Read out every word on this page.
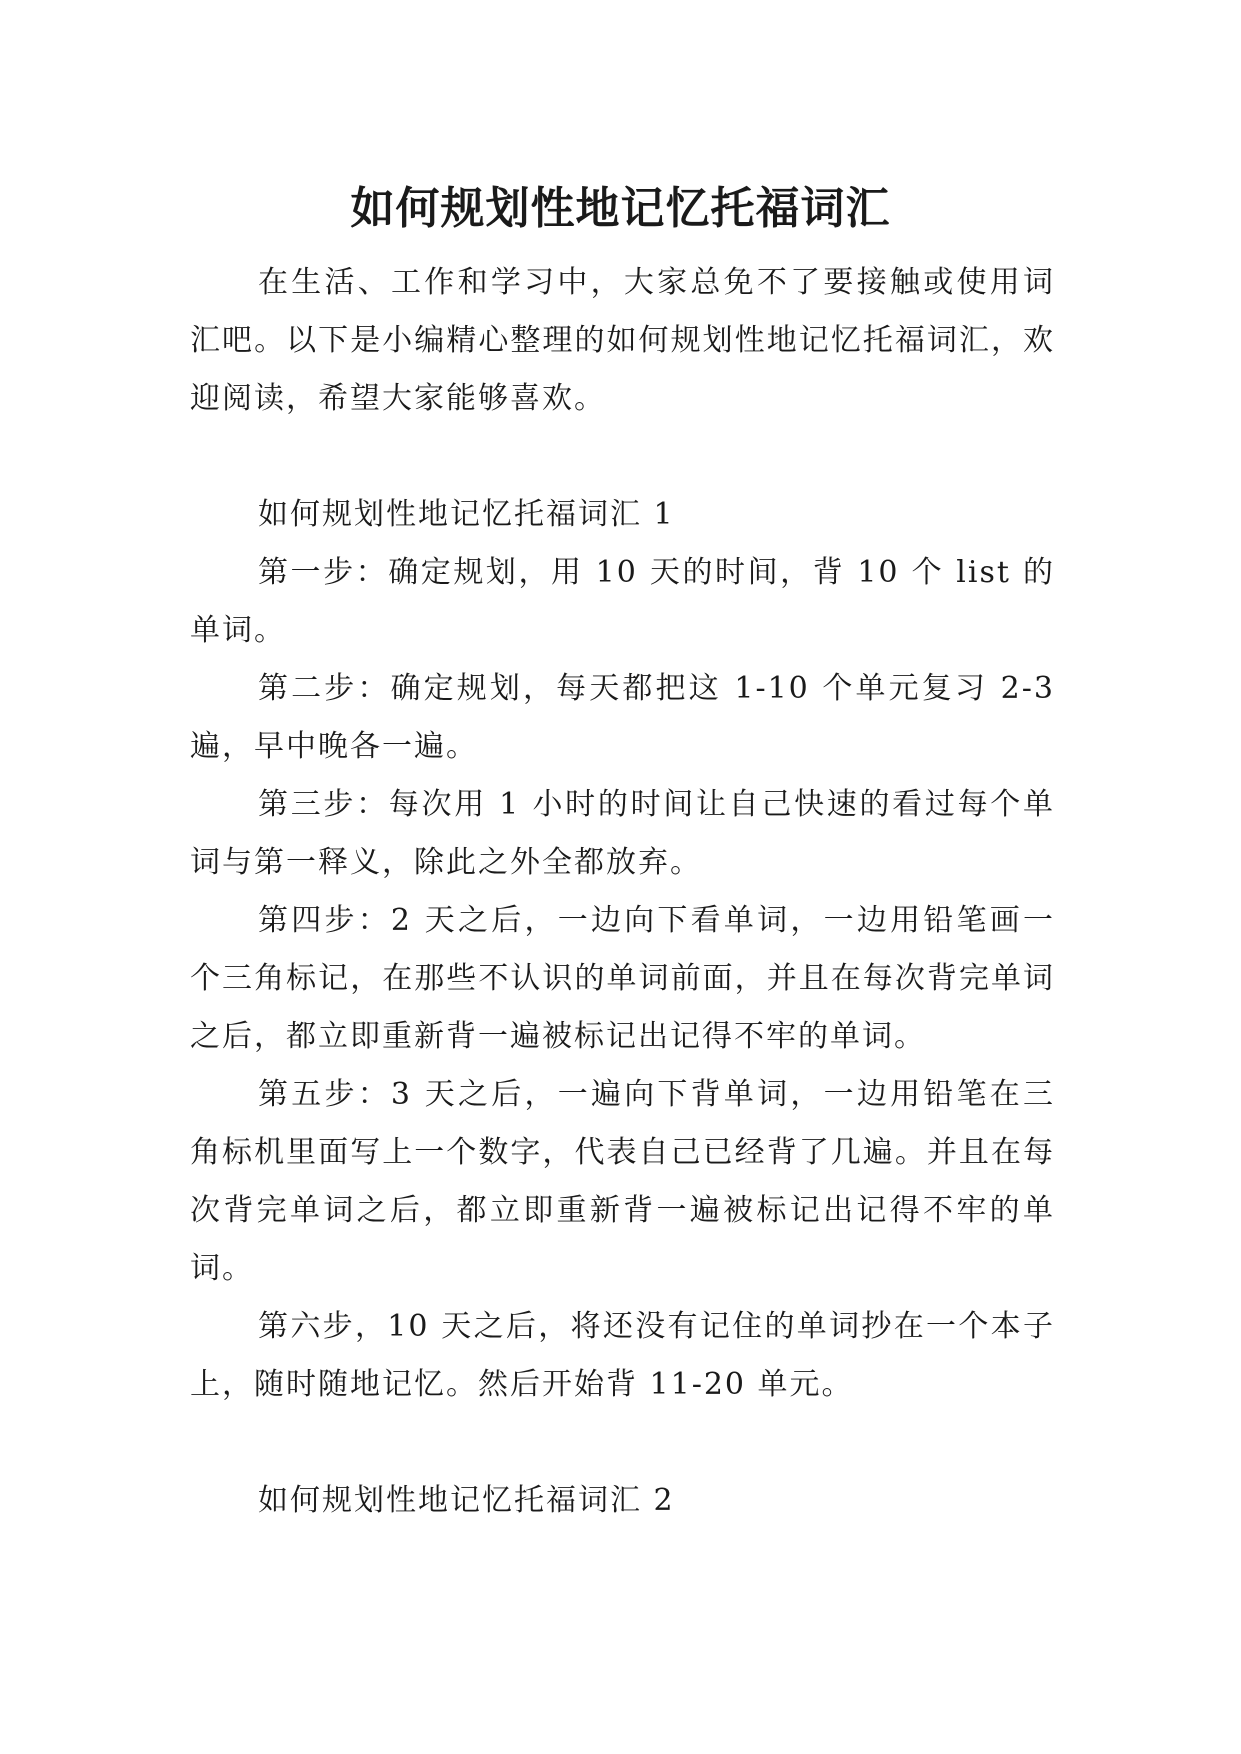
如何规划性地记忆托福词汇

在生活、工作和学习中，大家总免不了要接触或使用词汇吧。以下是小编精心整理的如何规划性地记忆托福词汇，欢迎阅读，希望大家能够喜欢。

如何规划性地记忆托福词汇 1

第一步：确定规划，用 10 天的时间，背 10 个 list 的单词。

第二步：确定规划，每天都把这 1-10 个单元复习 2-3 遍，早中晚各一遍。

第三步：每次用 1 小时的时间让自己快速的看过每个单词与第一释义，除此之外全都放弃。

第四步：2 天之后，一边向下看单词，一边用铅笔画一个三角标记，在那些不认识的单词前面，并且在每次背完单词之后，都立即重新背一遍被标记出记得不牢的单词。

第五步：3 天之后，一遍向下背单词，一边用铅笔在三角标机里面写上一个数字，代表自己已经背了几遍。并且在每次背完单词之后，都立即重新背一遍被标记出记得不牢的单词。

第六步，10 天之后，将还没有记住的单词抄在一个本子上，随时随地记忆。然后开始背 11-20 单元。

如何规划性地记忆托福词汇 2
